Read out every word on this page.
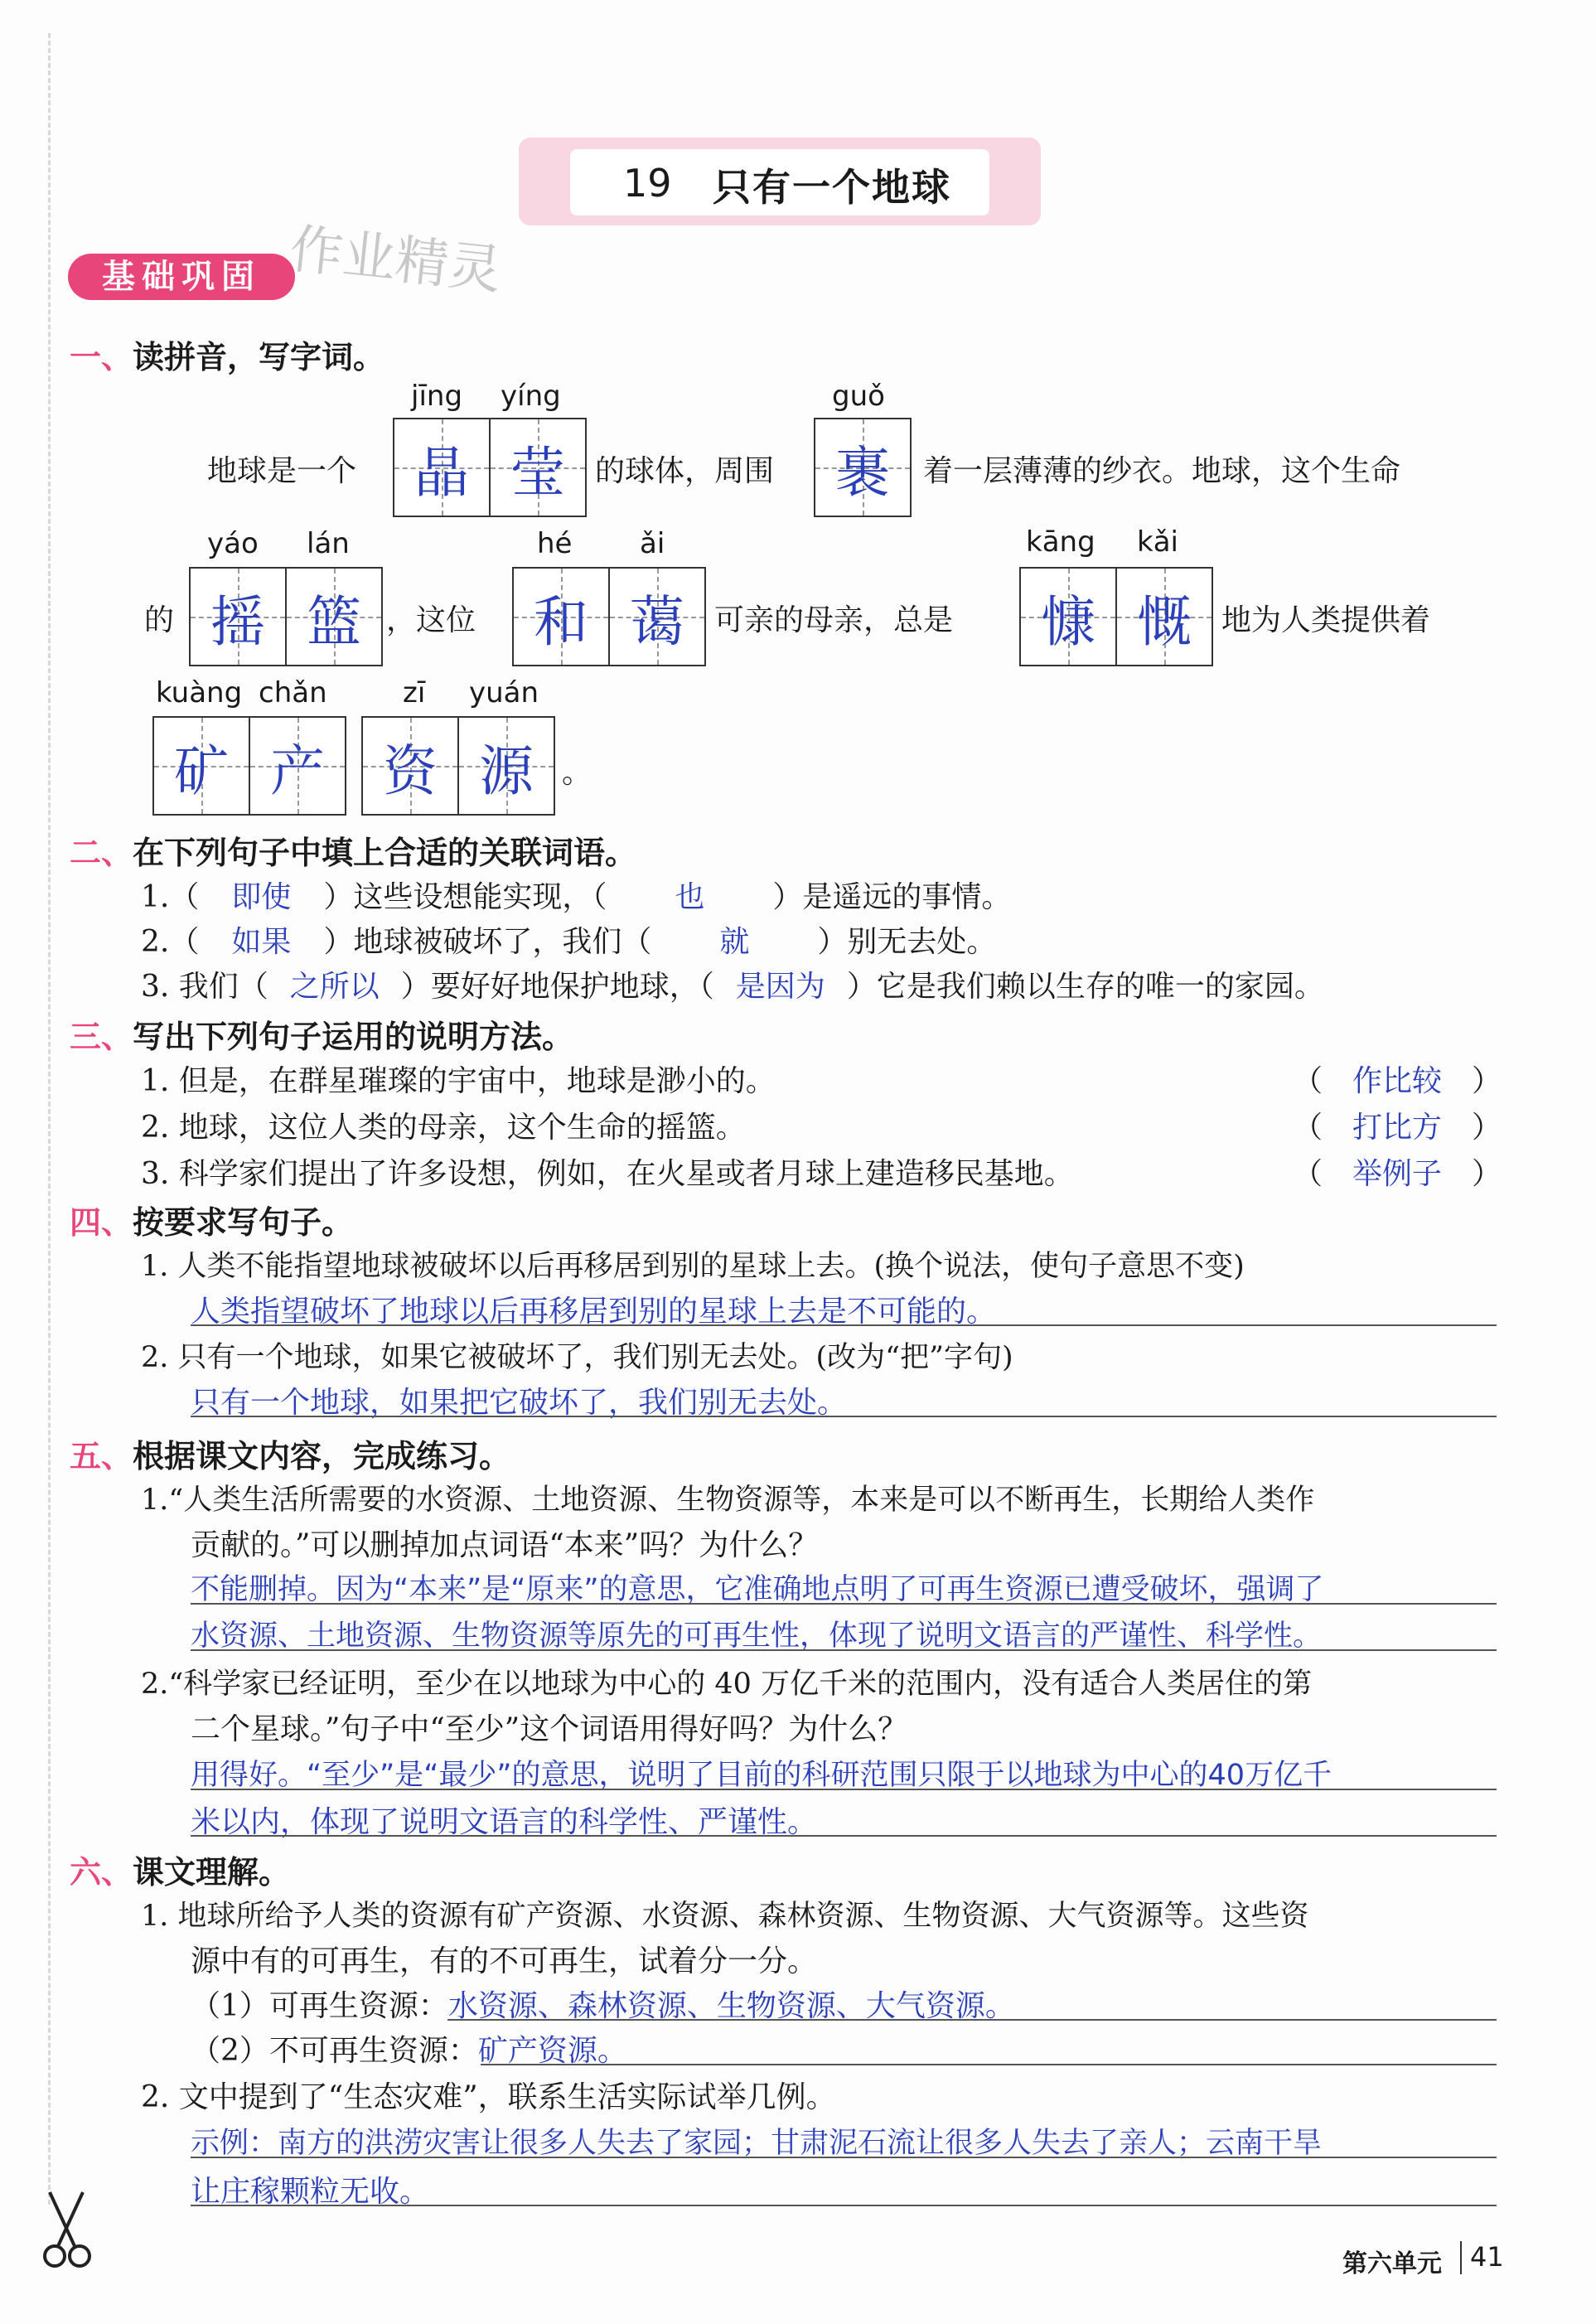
19 只有一个地球
基础巩固 作业精灵
一、读拼音，写字词。
jīng yíng	guǒ
地球是一个 晶 莹 的球体，周围 裹 着一层薄薄的纱衣。地球，这个生命
yáo lán	hé ǎi	kāng kǎi
的 摇 篮 ，这位 和 蔼 可亲的母亲，总是 慷 慨 地为人类提供着
kuàng chǎn	zī yuán
矿 产 资 源 。
二、在下列句子中填上合适的关联词语。
1.（ 即使 ）这些设想能实现，（ 也 ）是遥远的事情。
2.（ 如果 ）地球被破坏了，我们（ 就 ）别无去处。
3. 我们（ 之所以 ）要好好地保护地球，（ 是因为 ）它是我们赖以生存的唯一的家园。
三、写出下列句子运用的说明方法。
1. 但是，在群星璀璨的宇宙中，地球是渺小的。	（ 作比较 ）
2. 地球，这位人类的母亲，这个生命的摇篮。	（ 打比方 ）
3. 科学家们提出了许多设想，例如，在火星或者月球上建造移民基地。	（ 举例子 ）
四、按要求写句子。
1. 人类不能指望地球被破坏以后再移居到别的星球上去。(换个说法，使句子意思不变)
人类指望破坏了地球以后再移居到别的星球上去是不可能的。
2. 只有一个地球，如果它被破坏了，我们别无去处。(改为“把”字句)
只有一个地球，如果把它破坏了，我们别无去处。
五、根据课文内容，完成练习。
1.“人类生活所需要的水资源、土地资源、生物资源等，本来是可以不断再生，长期给人类作
贡献的。”可以删掉加点词语“本来”吗？为什么？
不能删掉。因为“本来”是“原来”的意思，它准确地点明了可再生资源已遭受破坏，强调了
水资源、土地资源、生物资源等原先的可再生性，体现了说明文语言的严谨性、科学性。
2.“科学家已经证明，至少在以地球为中心的 40 万亿千米的范围内，没有适合人类居住的第
二个星球。”句子中“至少”这个词语用得好吗？为什么？
用得好。“至少”是“最少”的意思，说明了目前的科研范围只限于以地球为中心的40万亿千
米以内，体现了说明文语言的科学性、严谨性。
六、课文理解。
1. 地球所给予人类的资源有矿产资源、水资源、森林资源、生物资源、大气资源等。这些资
源中有的可再生，有的不可再生，试着分一分。
（1）可再生资源：水资源、森林资源、生物资源、大气资源。
（2）不可再生资源：矿产资源。
2. 文中提到了“生态灾难”，联系生活实际试举几例。
示例：南方的洪涝灾害让很多人失去了家园；甘肃泥石流让很多人失去了亲人；云南干旱
让庄稼颗粒无收。
第六单元 41
